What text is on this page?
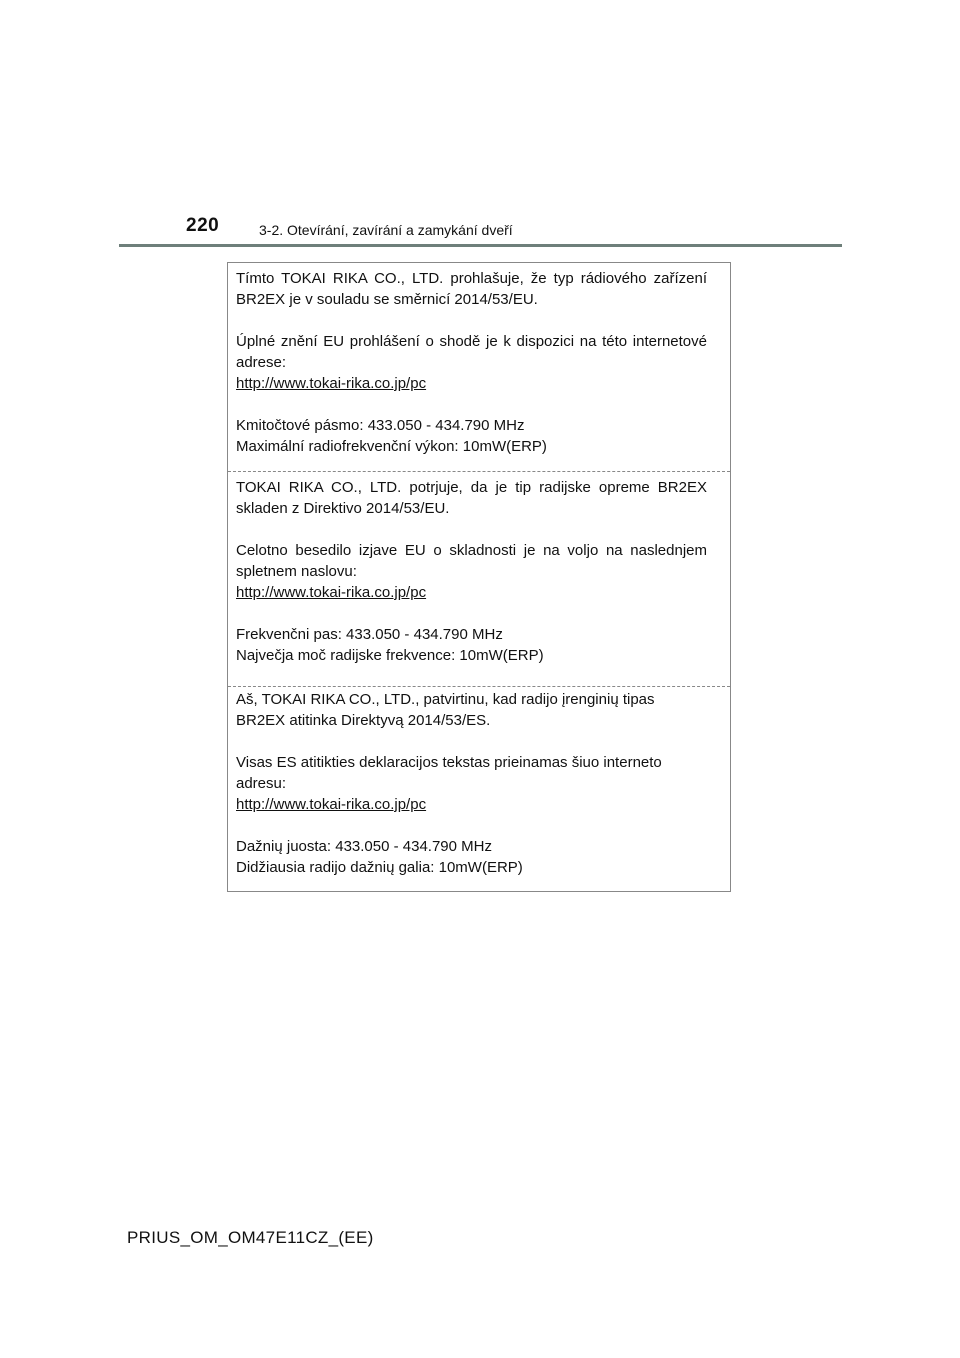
220	3-2. Otevírání, zavírání a zamykání dveří

Tímto TOKAI RIKA CO., LTD. prohlašuje, že typ rádiového zařízení
BR2EX je v souladu se směrnicí 2014/53/EU.

Úplné znění EU prohlášení o shodě je k dispozici na této internetové
adrese:
http://www.tokai-rika.co.jp/pc

Kmitočtové pásmo: 433.050 - 434.790 MHz
Maximální radiofrekvenční výkon: 10mW(ERP)

TOKAI RIKA CO., LTD. potrjuje, da je tip radijske opreme BR2EX
skladen z Direktivo 2014/53/EU.

Celotno besedilo izjave EU o skladnosti je na voljo na naslednjem
spletnem naslovu:
http://www.tokai-rika.co.jp/pc

Frekvenčni pas: 433.050 - 434.790 MHz
Največja moč radijske frekvence: 10mW(ERP)

Aš, TOKAI RIKA CO., LTD., patvirtinu, kad radijo įrenginių tipas
BR2EX atitinka Direktyvą 2014/53/ES.

Visas ES atitikties deklaracijos tekstas prieinamas šiuo interneto
adresu:
http://www.tokai-rika.co.jp/pc

Dažnių juosta: 433.050 - 434.790 MHz
Didžiausia radijo dažnių galia: 10mW(ERP)

PRIUS_OM_OM47E11CZ_(EE)
